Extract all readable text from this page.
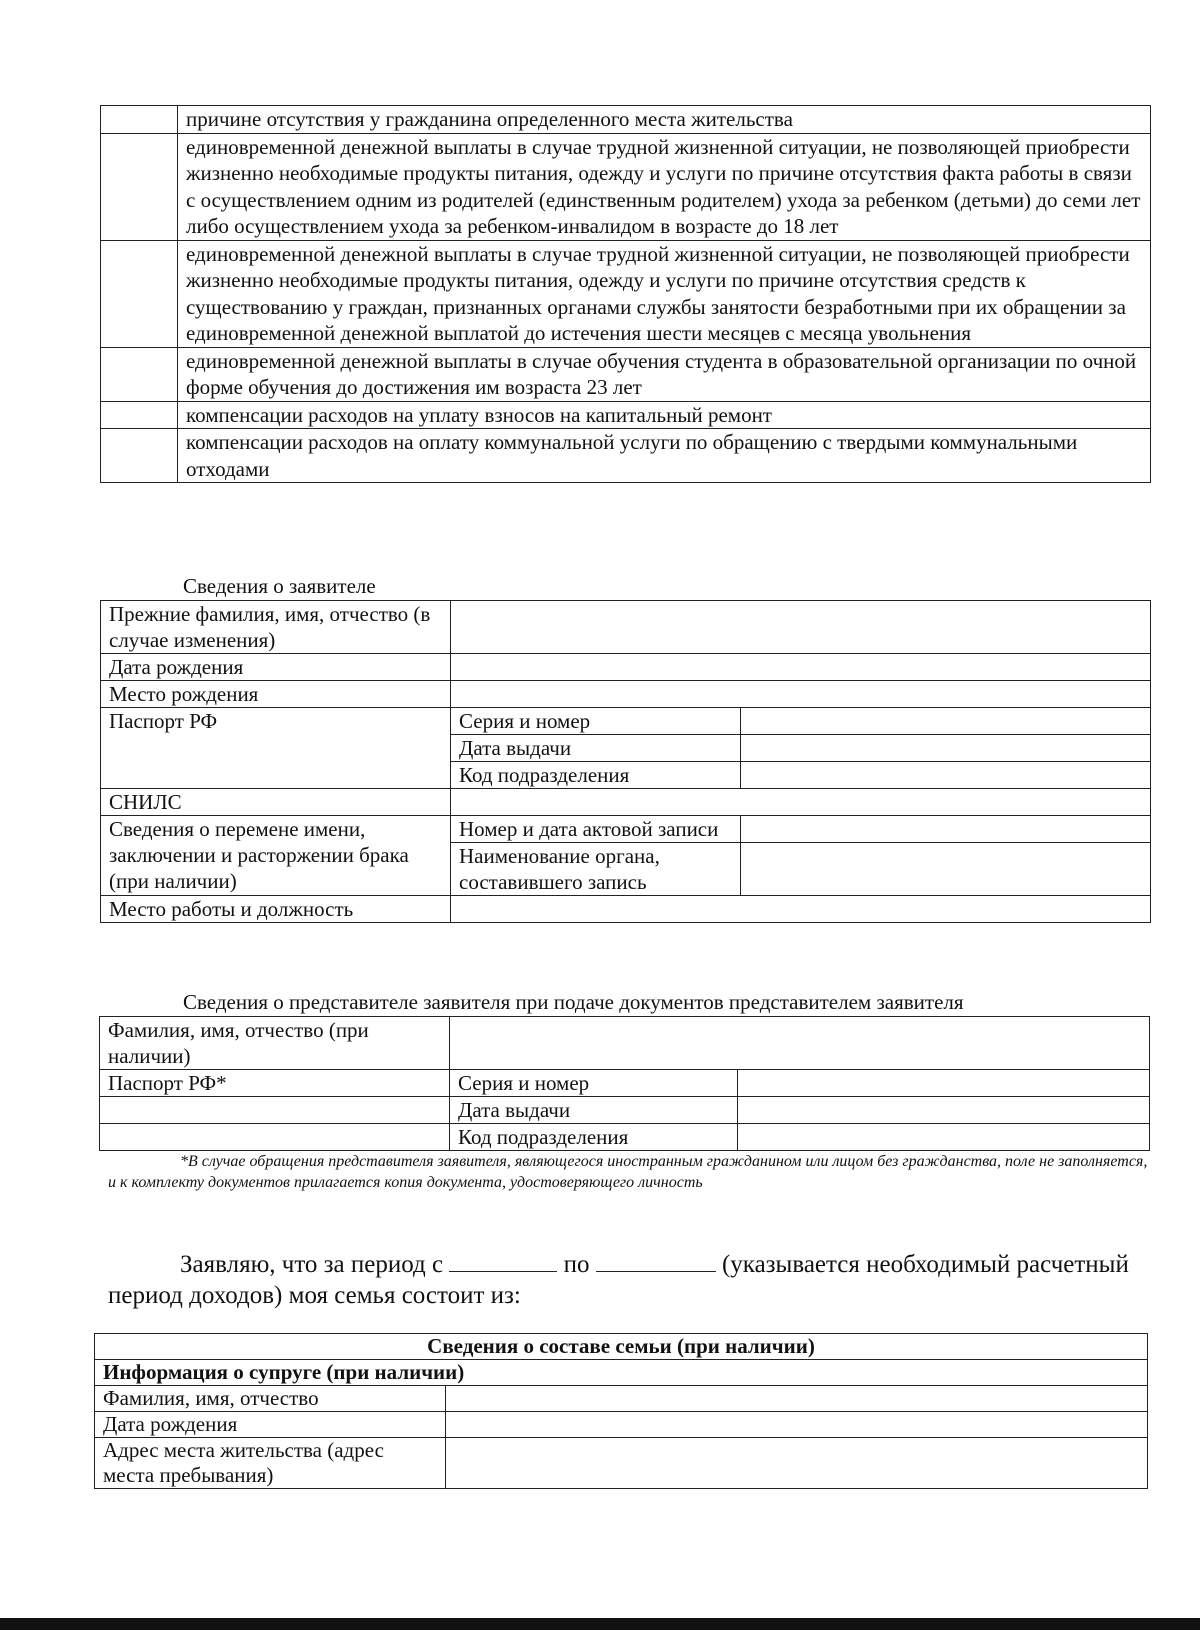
	причине отсутствия у гражданина определенного места жительства
	единовременной денежной выплаты в случае трудной жизненной ситуации, не позволяющей приобрести жизненно необходимые продукты питания, одежду и услуги по причине отсутствия факта работы в связи с осуществлением одним из родителей (единственным родителем) ухода за ребенком (детьми) до семи лет либо осуществлением ухода за ребенком-инвалидом в возрасте до 18 лет
	единовременной денежной выплаты в случае трудной жизненной ситуации, не позволяющей приобрести жизненно необходимые продукты питания, одежду и услуги по причине отсутствия средств к существованию у граждан, признанных органами службы занятости безработными при их обращении за единовременной денежной выплатой до истечения шести месяцев с месяца увольнения
	единовременной денежной выплаты в случае обучения студента в образовательной организации по очной форме обучения до достижения им возраста 23 лет
	компенсации расходов на уплату взносов на капитальный ремонт
	компенсации расходов на оплату коммунальной услуги по обращению с твердыми коммунальными отходами
Сведения о заявителе
Прежние фамилия, имя, отчество (в случае изменения)		
Дата рождения		
Место рождения		
Паспорт РФ	Серия и номер	
	Дата выдачи	
	Код подразделения	
СНИЛС		
Сведения о перемене имени, заключении и расторжении брака (при наличии)	Номер и дата актовой записи	
	Наименование органа, составившего запись	
Место работы и должность		
Сведения о представителе заявителя при подаче документов представителем заявителя
Фамилия, имя, отчество (при наличии)		

Паспорт РФ*	Серия и номер	
	Дата выдачи	
	Код подразделения	
*В случае обращения представителя заявителя, являющегося иностранным гражданином или лицом без гражданства, поле не заполняется, и к комплекту документов прилагается копия документа, удостоверяющего личность
Заявляю, что за период с	по	(указывается необходимый расчетный период доходов) моя семья состоит из:
Сведения о составе семьи (при наличии)	
Информация о супруге (при наличии)	
Фамилия, имя, отчество	
Дата рождения	
Адрес места жительства (адрес места пребывания)	
